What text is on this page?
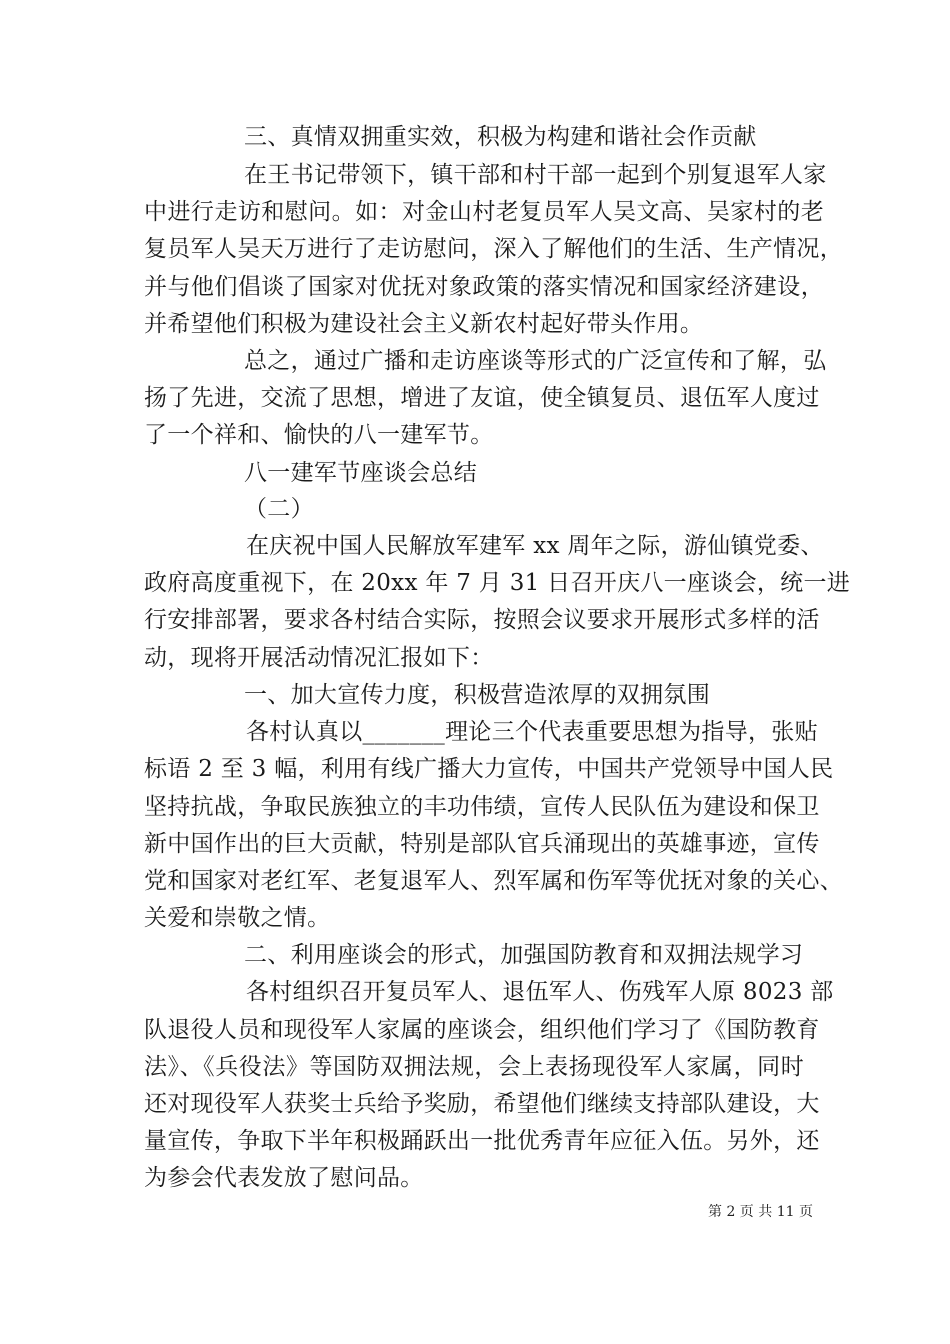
三、真情双拥重实效，积极为构建和谐社会作贡献
在王书记带领下，镇干部和村干部一起到个别复退军人家
中进行走访和慰问。如：对金山村老复员军人吴文高、吴家村的老
复员军人吴天万进行了走访慰问，深入了解他们的生活、生产情况，
并与他们倡谈了国家对优抚对象政策的落实情况和国家经济建设，
并希望他们积极为建设社会主义新农村起好带头作用。
总之，通过广播和走访座谈等形式的广泛宣传和了解，弘
扬了先进，交流了思想，增进了友谊，使全镇复员、退伍军人度过
了一个祥和、愉快的八一建军节。
八一建军节座谈会总结
（二）
在庆祝中国人民解放军建军 xx 周年之际，游仙镇党委、
政府高度重视下，在 20xx 年 7 月 31 日召开庆八一座谈会，统一进
行安排部署，要求各村结合实际，按照会议要求开展形式多样的活
动，现将开展活动情况汇报如下：
一、加大宣传力度，积极营造浓厚的双拥氛围
各村认真以_______理论三个代表重要思想为指导，张贴
标语 2 至 3 幅，利用有线广播大力宣传，中国共产党领导中国人民
坚持抗战，争取民族独立的丰功伟绩，宣传人民队伍为建设和保卫
新中国作出的巨大贡献，特别是部队官兵涌现出的英雄事迹，宣传
党和国家对老红军、老复退军人、烈军属和伤军等优抚对象的关心、
关爱和崇敬之情。
二、利用座谈会的形式，加强国防教育和双拥法规学习
各村组织召开复员军人、退伍军人、伤残军人原 8023 部
队退役人员和现役军人家属的座谈会，组织他们学习了《国防教育
法》、《兵役法》等国防双拥法规，会上表扬现役军人家属，同时
还对现役军人获奖士兵给予奖励，希望他们继续支持部队建设，大
量宣传，争取下半年积极踊跃出一批优秀青年应征入伍。另外，还
为参会代表发放了慰问品。
第 2 页 共 11 页
